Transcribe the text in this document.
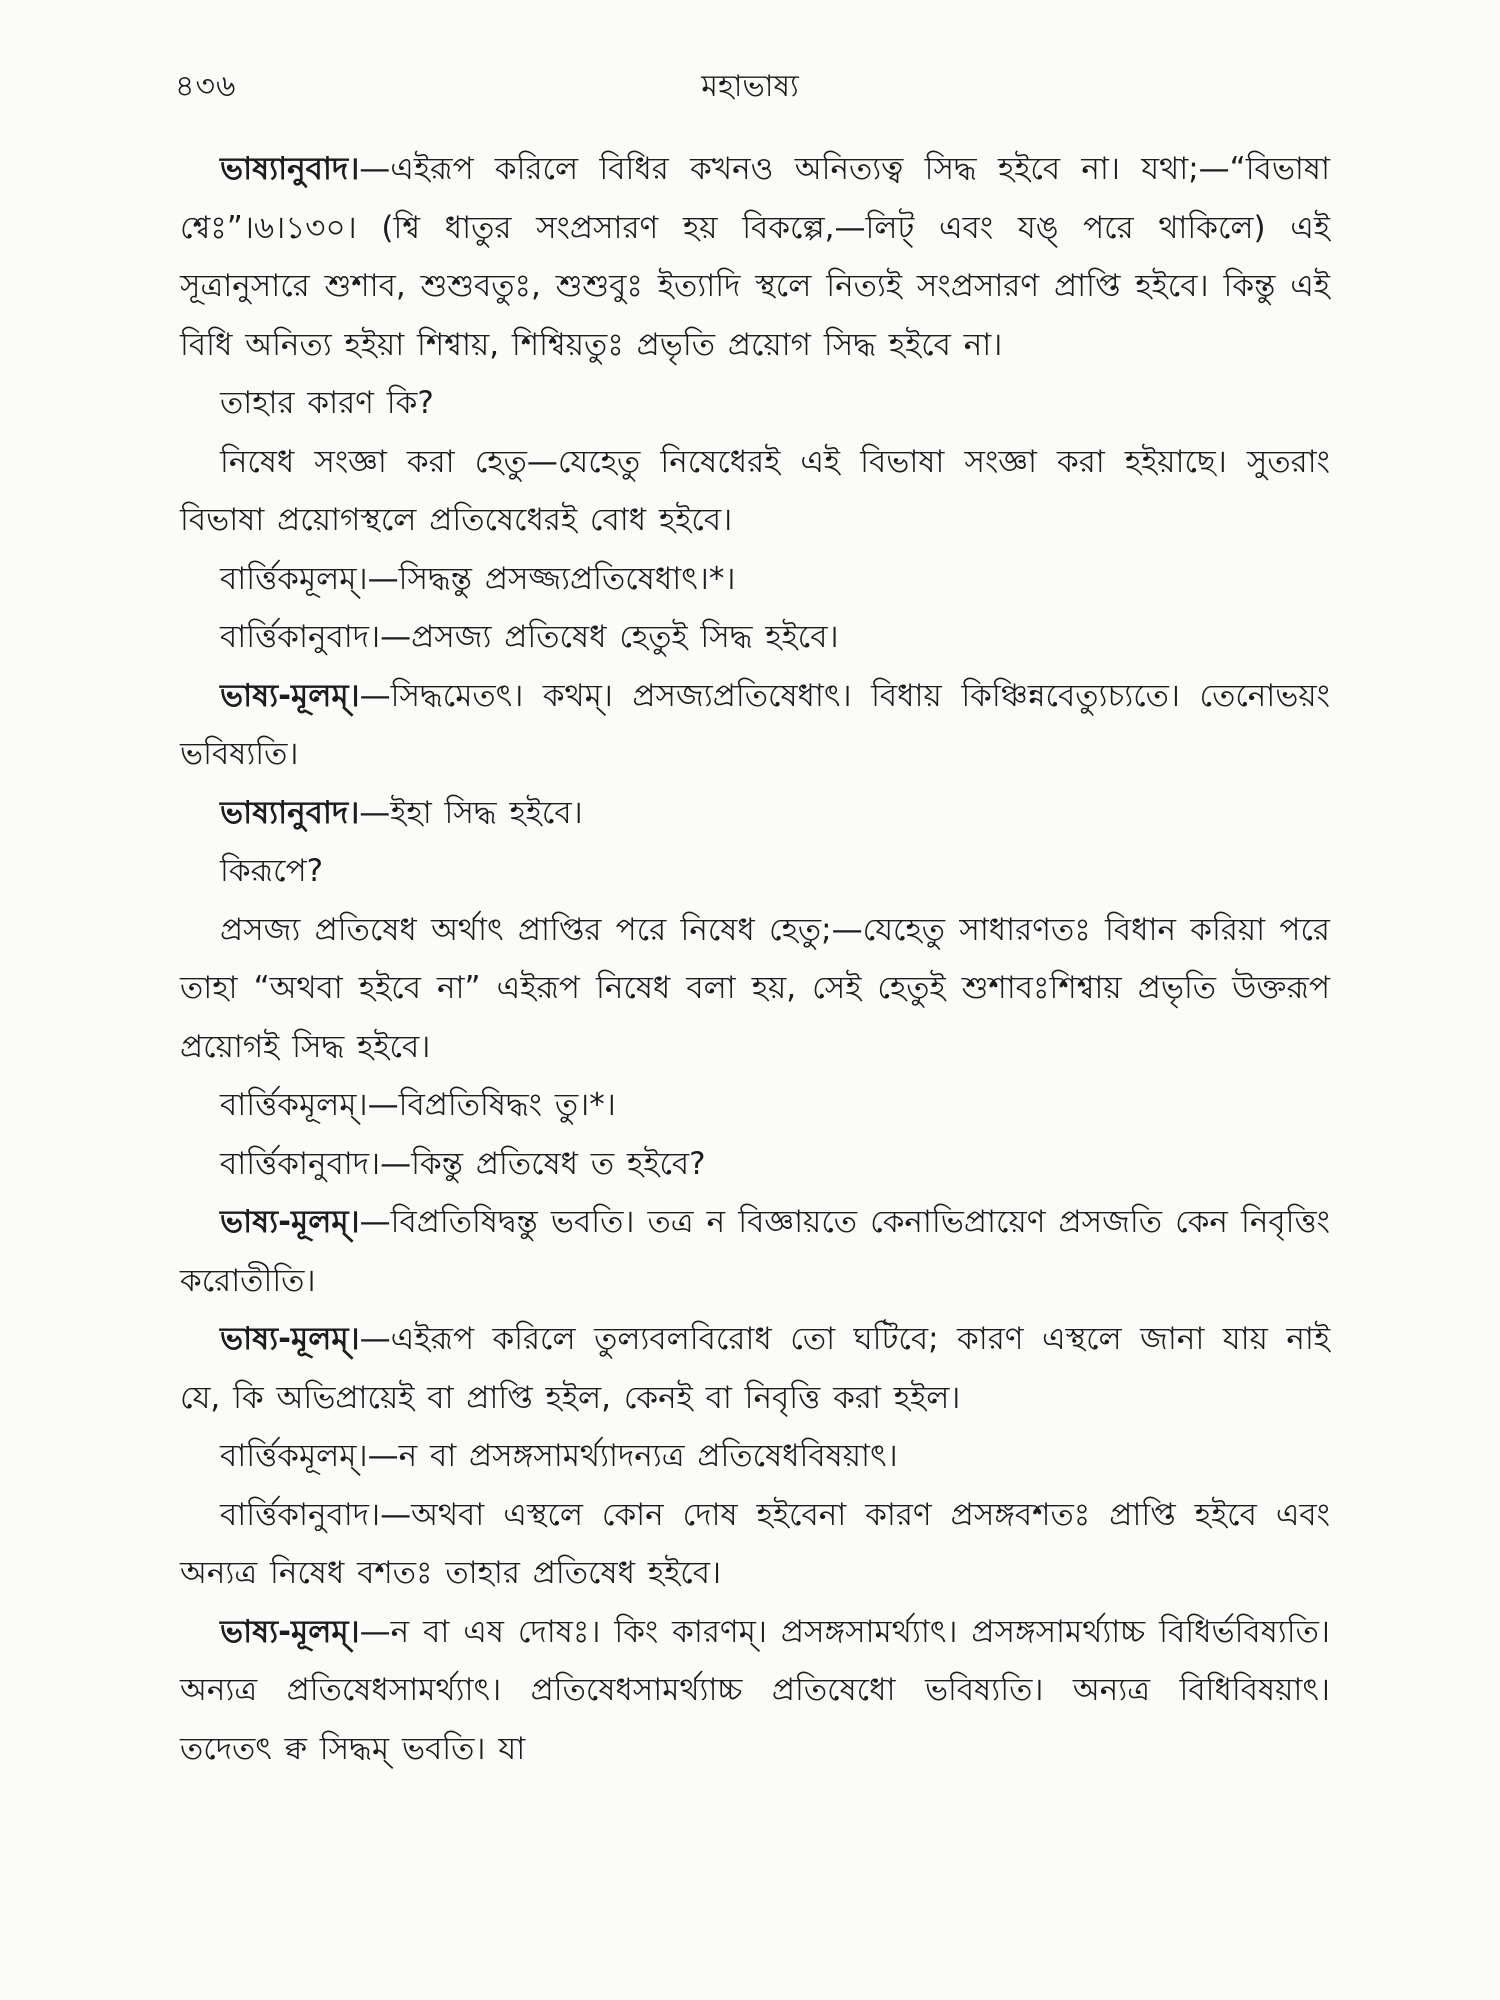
৪৩৬	মহাভাষ্য

ভাষ্যানুবাদ।—এইরূপ করিলে বিধির কখনও অনিত্যত্ব সিদ্ধ হইবে না। যথা;—“বিভাষা শ্বেঃ”।৬।১৩০। (শ্বি ধাতুর সংপ্রসারণ হয় বিকল্পে,—লিট্ এবং যঙ্ পরে থাকিলে) এই সূত্রানুসারে শুশাব, শুশুবতুঃ, শুশুবুঃ ইত্যাদি স্থলে নিত্যই সংপ্রসারণ প্রাপ্তি হইবে। কিন্তু এই বিধি অনিত্য হইয়া শিশ্বায়, শিশ্বিয়তুঃ প্রভৃতি প্রয়োগ সিদ্ধ হইবে না।

তাহার কারণ কি?

নিষেধ সংজ্ঞা করা হেতু—যেহেতু নিষেধেরই এই বিভাষা সংজ্ঞা করা হইয়াছে। সুতরাং বিভাষা প্রয়োগস্থলে প্রতিষেধেরই বোধ হইবে।

বার্ত্তিকমূলম্।—সিদ্ধন্তু প্রসজ্জ্যপ্রতিষেধাৎ।*।

বার্ত্তিকানুবাদ।—প্রসজ্য প্রতিষেধ হেতুই সিদ্ধ হইবে।

ভাষ্য-মূলম্।—সিদ্ধমেতৎ। কথম্। প্রসজ্যপ্রতিষেধাৎ। বিধায় কিঞ্চিন্নবেত্যুচ্যতে। তেনোভয়ং ভবিষ্যতি।

ভাষ্যানুবাদ।—ইহা সিদ্ধ হইবে।

কিরূপে?

প্রসজ্য প্রতিষেধ অর্থাৎ প্রাপ্তির পরে নিষেধ হেতু;—যেহেতু সাধারণতঃ বিধান করিয়া পরে তাহা “অথবা হইবে না” এইরূপ নিষেধ বলা হয়, সেই হেতুই শুশাবঃশিশ্বায় প্রভৃতি উক্তরূপ প্রয়োগই সিদ্ধ হইবে।

বার্ত্তিকমূলম্।—বিপ্রতিষিদ্ধং তু।*।

বার্ত্তিকানুবাদ।—কিন্তু প্রতিষেধ ত হইবে?

ভাষ্য-মূলম্।—বিপ্রতিষিদ্বন্তু ভবতি। তত্র ন বিজ্ঞায়তে কেনাভিপ্রায়েণ প্রসজতি কেন নিবৃত্তিং করোতীতি।

ভাষ্য-মূলম্।—এইরূপ করিলে তুল্যবলবিরোধ তো ঘটিবে; কারণ এস্থলে জানা যায় নাই যে, কি অভিপ্রায়েই বা প্রাপ্তি হইল, কেনই বা নিবৃত্তি করা হইল।

বার্ত্তিকমূলম্।—ন বা প্রসঙ্গসামর্থ্যাদন্যত্র প্রতিষেধবিষয়াৎ।

বার্ত্তিকানুবাদ।—অথবা এস্থলে কোন দোষ হইবেনা কারণ প্রসঙ্গবশতঃ প্রাপ্তি হইবে এবং অন্যত্র নিষেধ বশতঃ তাহার প্রতিষেধ হইবে।

ভাষ্য-মূলম্।—ন বা এষ দোষঃ। কিং কারণম্। প্রসঙ্গসামর্থ্যাৎ। প্রসঙ্গসামর্থ্যাচ্চ বিধির্ভবিষ্যতি। অন্যত্র প্রতিষেধসামর্থ্যাৎ। প্রতিষেধসামর্থ্যাচ্চ প্রতিষেধো ভবিষ্যতি। অন্যত্র বিধিবিষয়াৎ। তদেতৎ ক্ব সিদ্ধম্ ভবতি। যা
